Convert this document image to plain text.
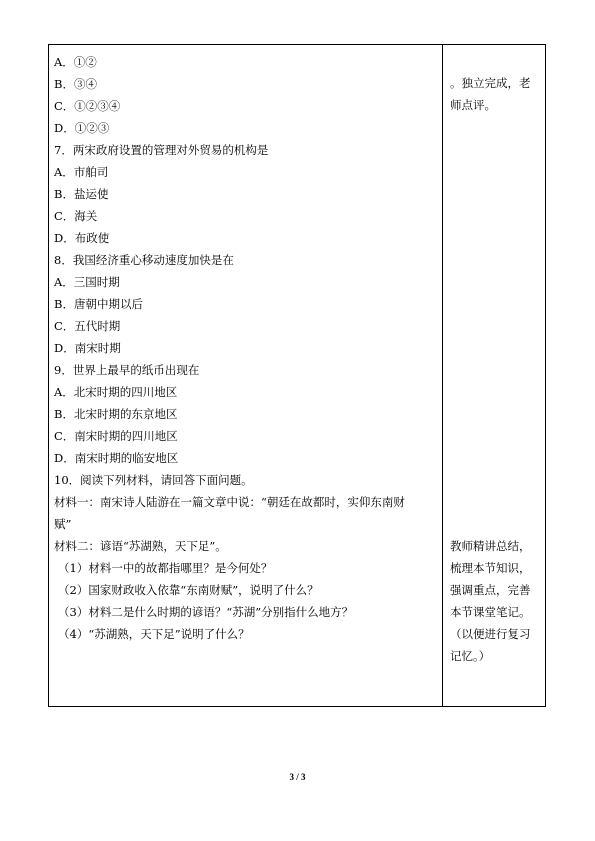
A．①②
B．③④
C．①②③④
D．①②③
7．两宋政府设置的管理对外贸易的机构是
A．市舶司
B．盐运使
C．海关
D．布政使
8．我国经济重心移动速度加快是在
A．三国时期
B．唐朝中期以后
C．五代时期
D．南宋时期
9．世界上最早的纸币出现在
A．北宋时期的四川地区
B．北宋时期的东京地区
C．南宋时期的四川地区
D．南宋时期的临安地区
10．阅读下列材料，请回答下面问题。
材料一：南宋诗人陆游在一篇文章中说：“朝廷在故都时，实仰东南财
赋”
材料二：谚语“苏湖熟，天下足”。
（1）材料一中的故都指哪里？是今何处？
（2）国家财政收入依靠“东南财赋”，说明了什么？
（3）材料二是什么时期的谚语？“苏湖”分别指什么地方？
（4）“苏湖熟，天下足”说明了什么？
。独立完成，老
师点评。
教师精讲总结，
梳理本节知识，
强调重点，完善
本节课堂笔记。
（以便进行复习
记忆。）
3 / 3
